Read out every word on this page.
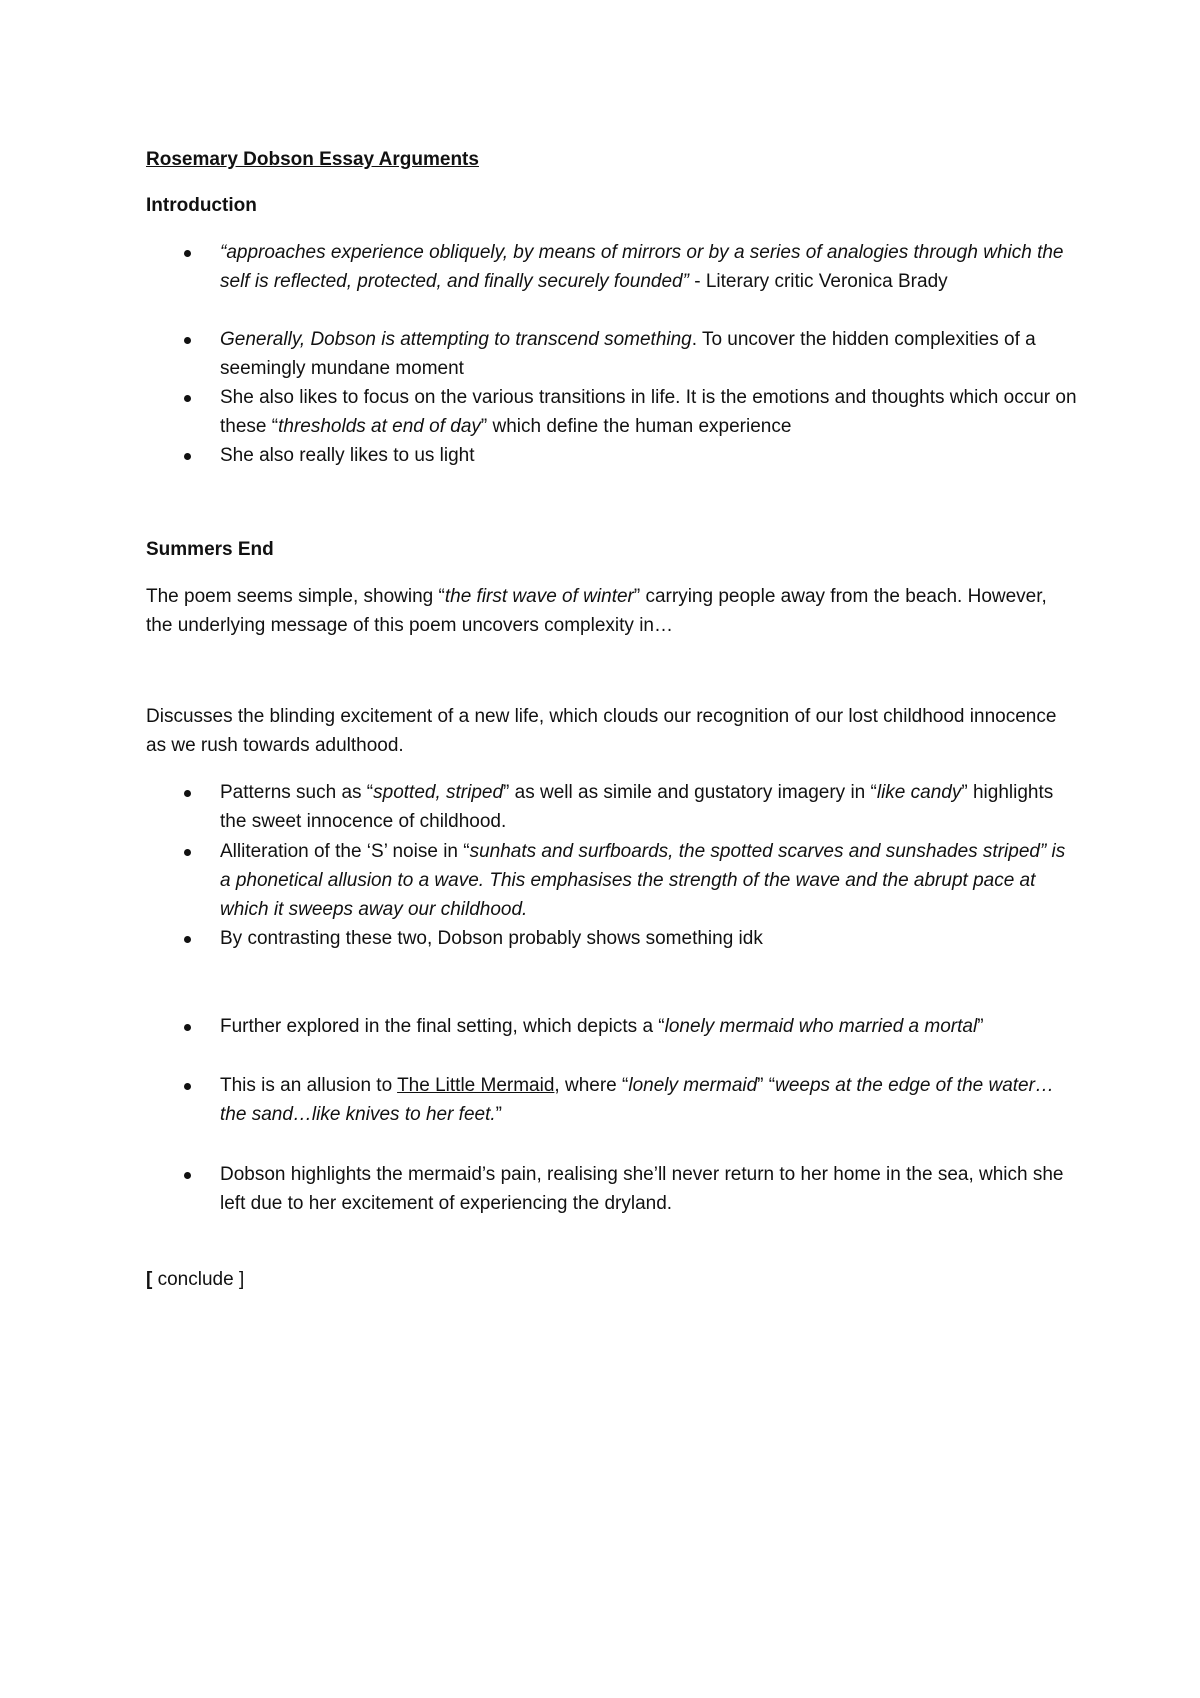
Rosemary Dobson Essay Arguments

Introduction

“approaches experience obliquely, by means of mirrors or by a series of analogies through which the self is reflected, protected, and finally securely founded” - Literary critic Veronica Brady

Generally, Dobson is attempting to transcend something. To uncover the hidden complexities of a seemingly mundane moment

She also likes to focus on the various transitions in life. It is the emotions and thoughts which occur on these “thresholds at end of day” which define the human experience

She also really likes to us light

Summers End

The poem seems simple, showing “the first wave of winter” carrying people away from the beach. However, the underlying message of this poem uncovers complexity in…

Discusses the blinding excitement of a new life, which clouds our recognition of our lost childhood innocence as we rush towards adulthood.

Patterns such as “spotted, striped” as well as simile and gustatory imagery in “like candy” highlights the sweet innocence of childhood.

Alliteration of the ‘S’ noise in “sunhats and surfboards, the spotted scarves and sunshades striped” is a phonetical allusion to a wave. This emphasises the strength of the wave and the abrupt pace at which it sweeps away our childhood.

By contrasting these two, Dobson probably shows something idk

Further explored in the final setting, which depicts a “lonely mermaid who married a mortal”

This is an allusion to The Little Mermaid, where “lonely mermaid” “weeps at the edge of the water…the sand…like knives to her feet.”

Dobson highlights the mermaid’s pain, realising she’ll never return to her home in the sea, which she left due to her excitement of experiencing the dryland.

[ conclude ]
